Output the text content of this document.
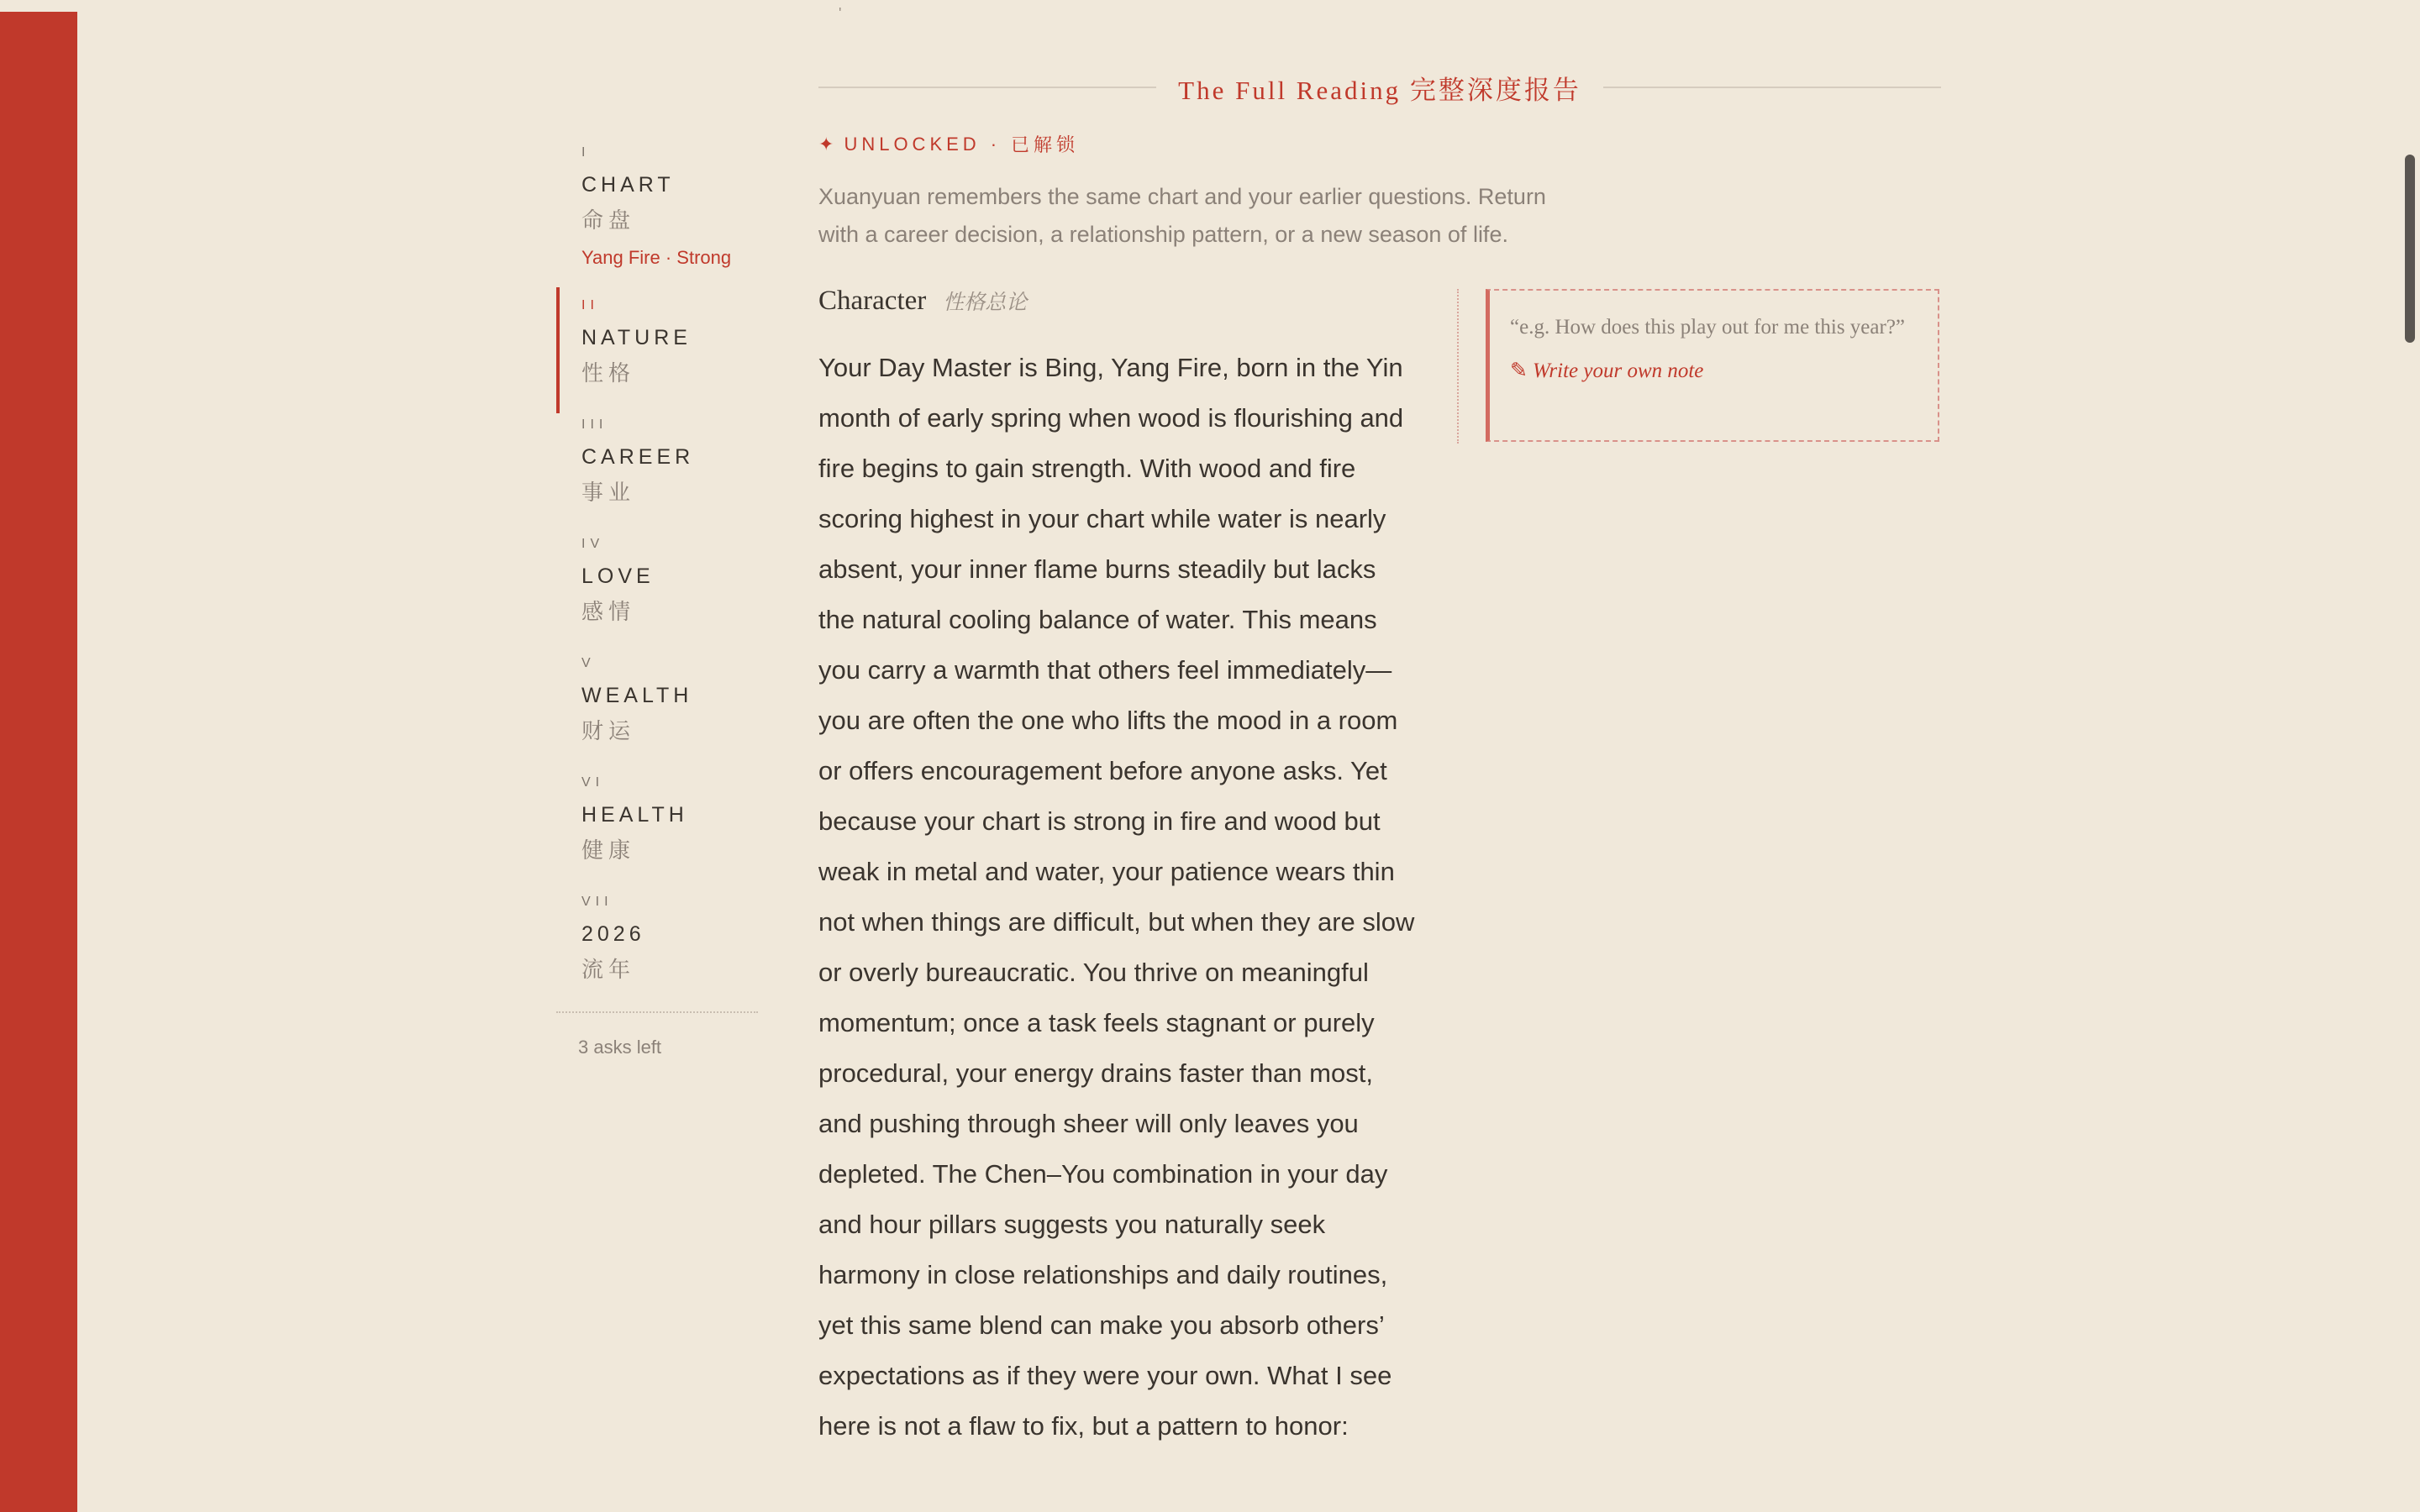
'
I
CHART
命盘
Yang Fire · Strong
II
NATURE
性格
III
CAREER
事业
IV
LOVE
感情
V
WEALTH
财运
VI
HEALTH
健康
VII
2026
流年
3 asks left
The Full Reading 完整深度报告
✦ UNLOCKED · 已解锁
Xuanyuan remembers the same chart and your earlier questions. Return with a career decision, a relationship pattern, or a new season of life.
Character 性格总论

Your Day Master is Bing, Yang Fire, born in the Yin month of early spring when wood is flourishing and fire begins to gain strength. With wood and fire scoring highest in your chart while water is nearly absent, your inner flame burns steadily but lacks the natural cooling balance of water. This means you carry a warmth that others feel immediately—you are often the one who lifts the mood in a room or offers encouragement before anyone asks. Yet because your chart is strong in fire and wood but weak in metal and water, your patience wears thin not when things are difficult, but when they are slow or overly bureaucratic. You thrive on meaningful momentum; once a task feels stagnant or purely procedural, your energy drains faster than most, and pushing through sheer will only leaves you depleted. The Chen–You combination in your day and hour pillars suggests you naturally seek harmony in close relationships and daily routines, yet this same blend can make you absorb others’ expectations as if they were your own. What I see here is not a flaw to fix, but a pattern to honor:

“e.g. How does this play out for me this year?”
✎ Write your own note
